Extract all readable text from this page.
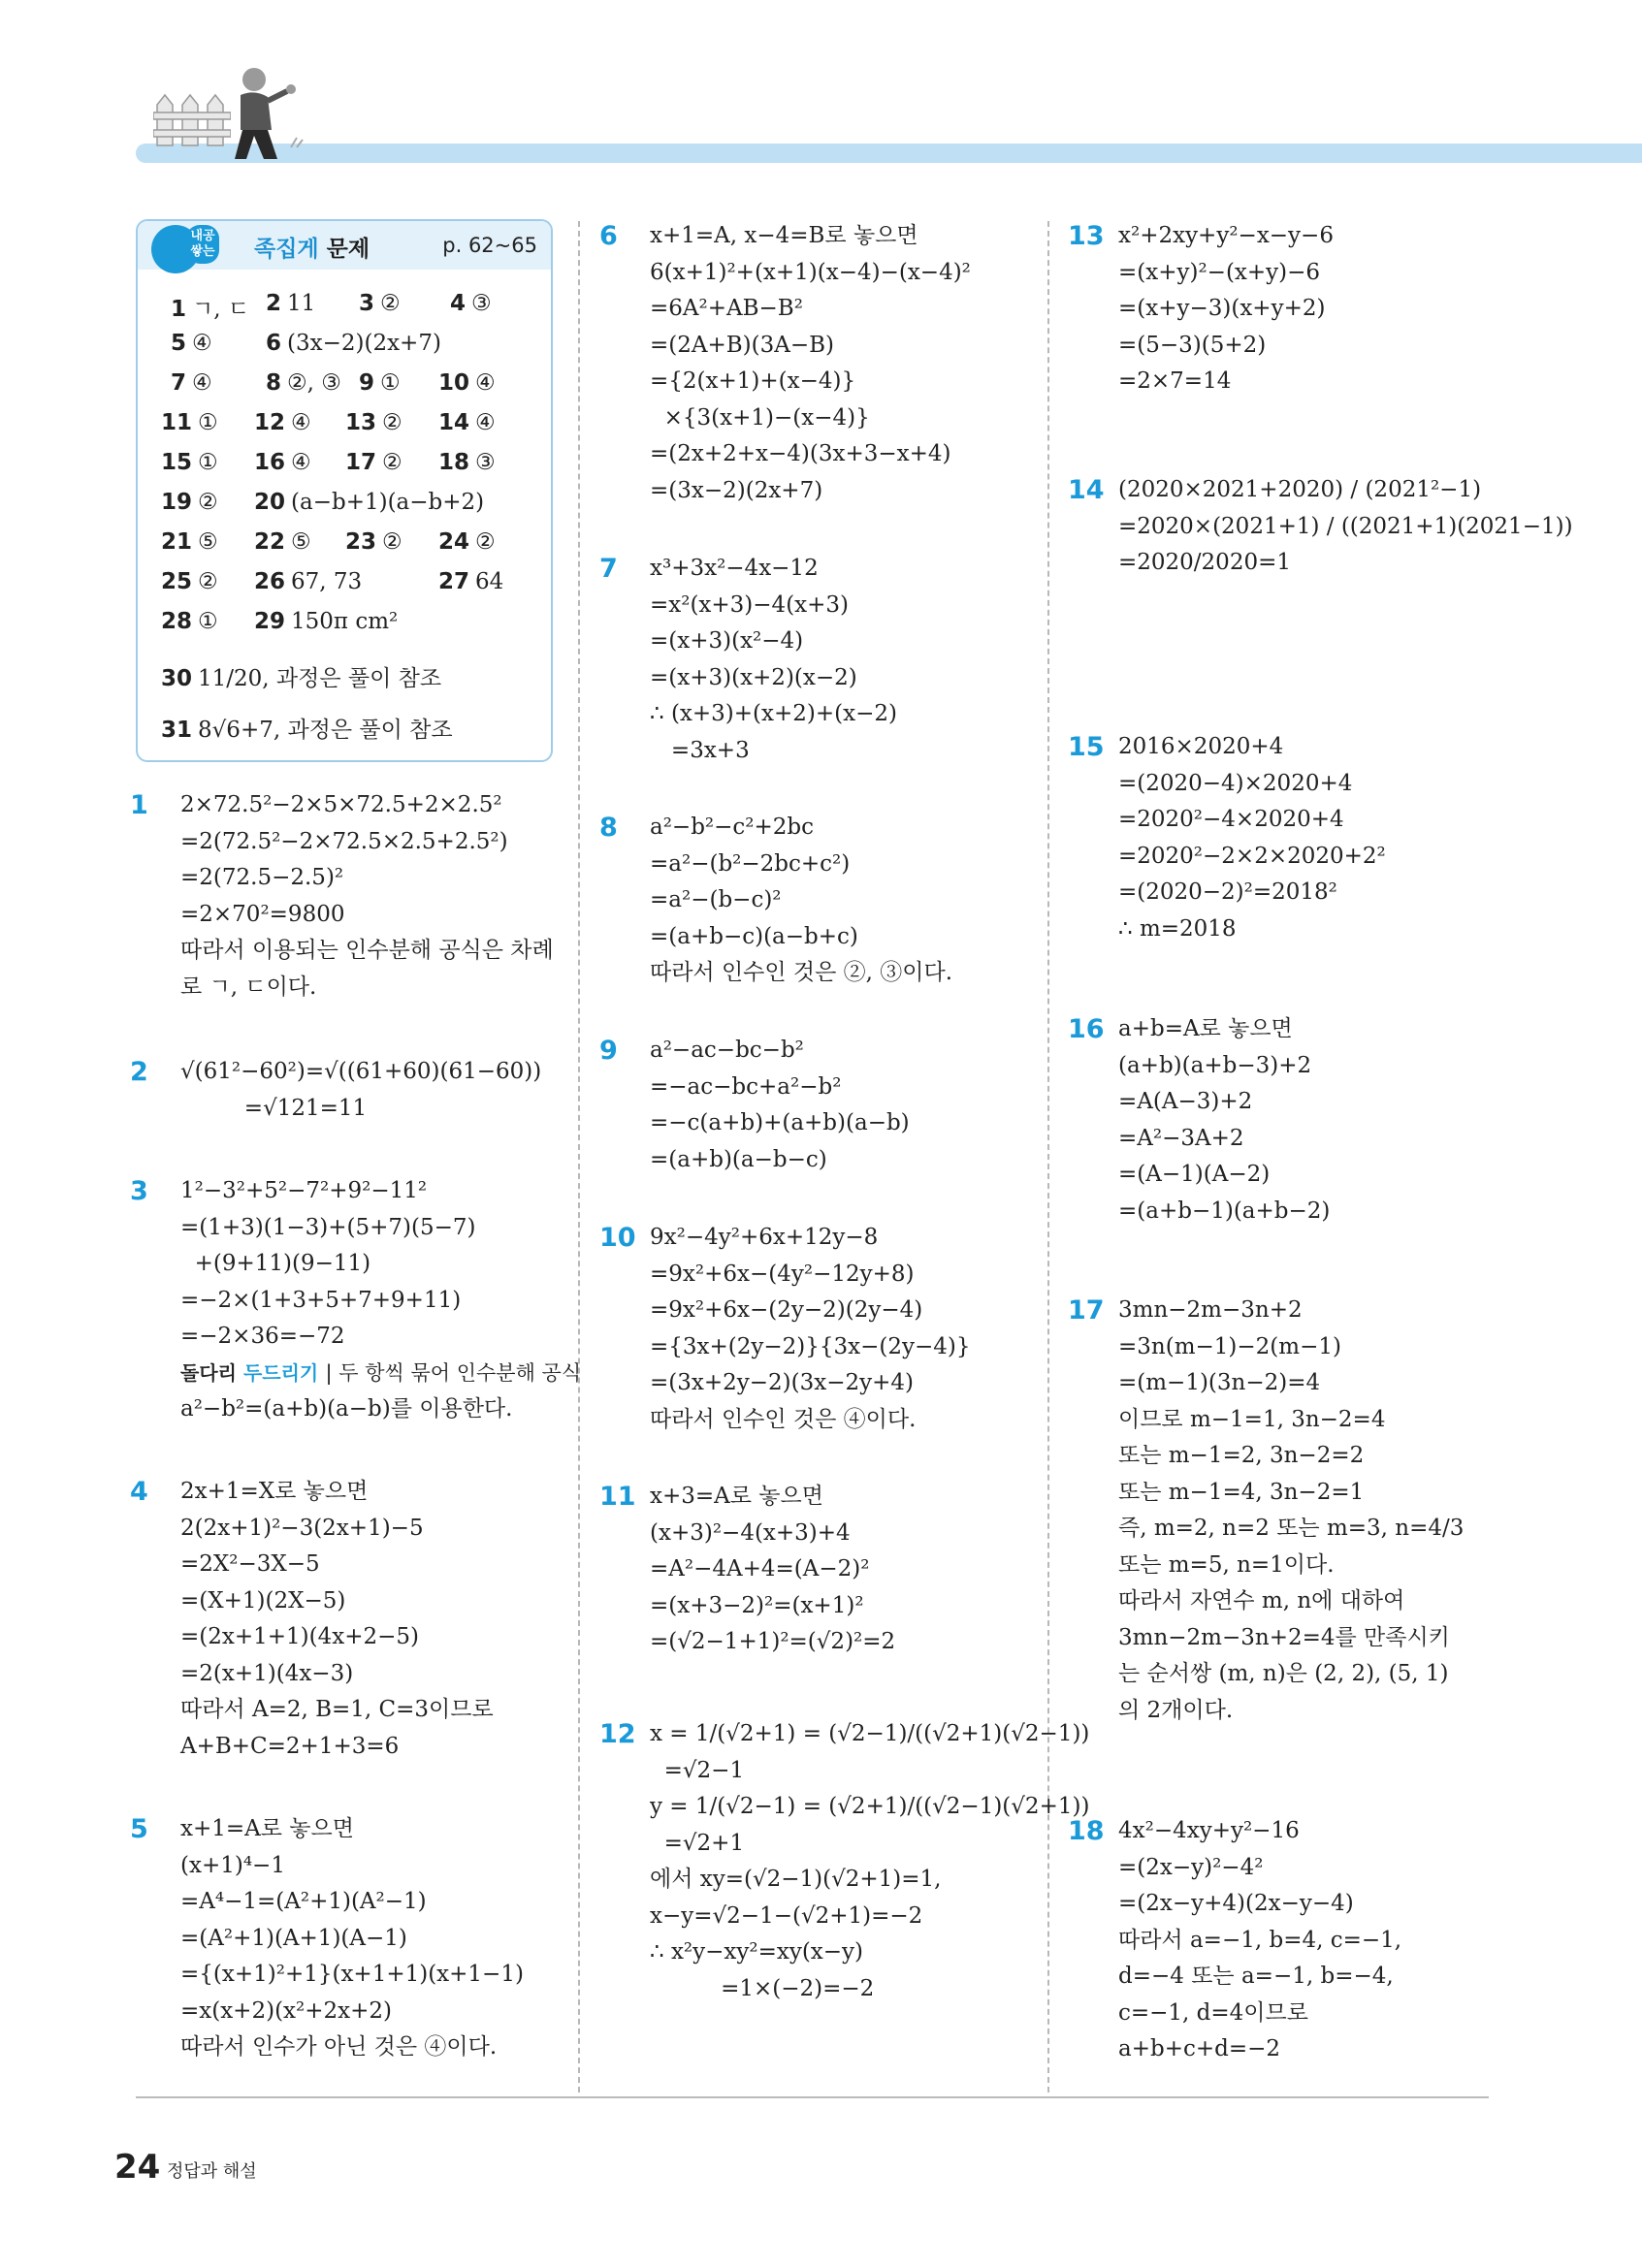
내공 쌓는 족집게 문제	p. 62~65
1 ㄱ, ㄷ 2 11 3 ② 4 ③
5 ④ 6 (3x−2)(2x+7)
7 ④ 8 ②, ③ 9 ① 10 ④
11 ① 12 ④ 13 ② 14 ④
15 ① 16 ④ 17 ② 18 ③
19 ② 20 (a−b+1)(a−b+2)
21 ⑤ 22 ⑤ 23 ② 24 ②
25 ② 26 67, 73	27 64
28 ① 29 150π cm²
30 11/20, 과정은 풀이 참조
31 8√6+7, 과정은 풀이 참조
1 2×72.5²−2×5×72.5+2×2.5²
=2(72.5²−2×72.5×2.5+2.5²)
=2(72.5−2.5)²
=2×70²=9800
따라서 이용되는 인수분해 공식은 차례
로 ㄱ, ㄷ이다.
2 √(61²−60²)=√((61+60)(61−60))
=√121=11
3 1²−3²+5²−7²+9²−11²
=(1+3)(1−3)+(5+7)(5−7)
+(9+11)(9−11)
=−2×(1+3+5+7+9+11)
=−2×36=−72
돌다리 두드리기 | 두 항씩 묶어 인수분해 공식
a²−b²=(a+b)(a−b)를 이용한다.
4 2x+1=X로 놓으면
2(2x+1)²−3(2x+1)−5
=2X²−3X−5
=(X+1)(2X−5)
=(2x+1+1)(4x+2−5)
=2(x+1)(4x−3)
따라서 A=2, B=1, C=3이므로
A+B+C=2+1+3=6
5 x+1=A로 놓으면
(x+1)⁴−1
=A⁴−1=(A²+1)(A²−1)
=(A²+1)(A+1)(A−1)
={(x+1)²+1}(x+1+1)(x+1−1)
=x(x+2)(x²+2x+2)
따라서 인수가 아닌 것은 ④이다.
6 x+1=A, x−4=B로 놓으면
6(x+1)²+(x+1)(x−4)−(x−4)²
=6A²+AB−B²
=(2A+B)(3A−B)
={2(x+1)+(x−4)}
×{3(x+1)−(x−4)}
=(2x+2+x−4)(3x+3−x+4)
=(3x−2)(2x+7)
7 x³+3x²−4x−12
=x²(x+3)−4(x+3)
=(x+3)(x²−4)
=(x+3)(x+2)(x−2)
∴ (x+3)+(x+2)+(x−2)
=3x+3
8 a²−b²−c²+2bc
=a²−(b²−2bc+c²)
=a²−(b−c)²
=(a+b−c)(a−b+c)
따라서 인수인 것은 ②, ③이다.
9 a²−ac−bc−b²
=−ac−bc+a²−b²
=−c(a+b)+(a+b)(a−b)
=(a+b)(a−b−c)
10 9x²−4y²+6x+12y−8
=9x²+6x−(4y²−12y+8)
=9x²+6x−(2y−2)(2y−4)
={3x+(2y−2)}{3x−(2y−4)}
=(3x+2y−2)(3x−2y+4)
따라서 인수인 것은 ④이다.
11 x+3=A로 놓으면
(x+3)²−4(x+3)+4
=A²−4A+4=(A−2)²
=(x+3−2)²=(x+1)²
=(√2−1+1)²=(√2)²=2
12 x = 1/(√2+1) = (√2−1)/((√2+1)(√2−1))
=√2−1
y = 1/(√2−1) = (√2+1)/((√2−1)(√2+1))
=√2+1
에서 xy=(√2−1)(√2+1)=1,
x−y=√2−1−(√2+1)=−2
∴ x²y−xy²=xy(x−y)
=1×(−2)=−2
13 x²+2xy+y²−x−y−6
=(x+y)²−(x+y)−6
=(x+y−3)(x+y+2)
=(5−3)(5+2)
=2×7=14
14 (2020×2021+2020) / (2021²−1)
=2020×(2021+1) / ((2021+1)(2021−1))
=2020/2020=1
15 2016×2020+4
=(2020−4)×2020+4
=2020²−4×2020+4
=2020²−2×2×2020+2²
=(2020−2)²=2018²
∴ m=2018
16 a+b=A로 놓으면
(a+b)(a+b−3)+2
=A(A−3)+2
=A²−3A+2
=(A−1)(A−2)
=(a+b−1)(a+b−2)
17 3mn−2m−3n+2
=3n(m−1)−2(m−1)
=(m−1)(3n−2)=4
이므로 m−1=1, 3n−2=4
또는 m−1=2, 3n−2=2
또는 m−1=4, 3n−2=1
즉, m=2, n=2 또는 m=3, n=4/3
또는 m=5, n=1이다.
따라서 자연수 m, n에 대하여
3mn−2m−3n+2=4를 만족시키
는 순서쌍 (m, n)은 (2, 2), (5, 1)
의 2개이다.
18 4x²−4xy+y²−16
=(2x−y)²−4²
=(2x−y+4)(2x−y−4)
따라서 a=−1, b=4, c=−1,
d=−4 또는 a=−1, b=−4,
c=−1, d=4이므로
a+b+c+d=−2
24 정답과 해설
